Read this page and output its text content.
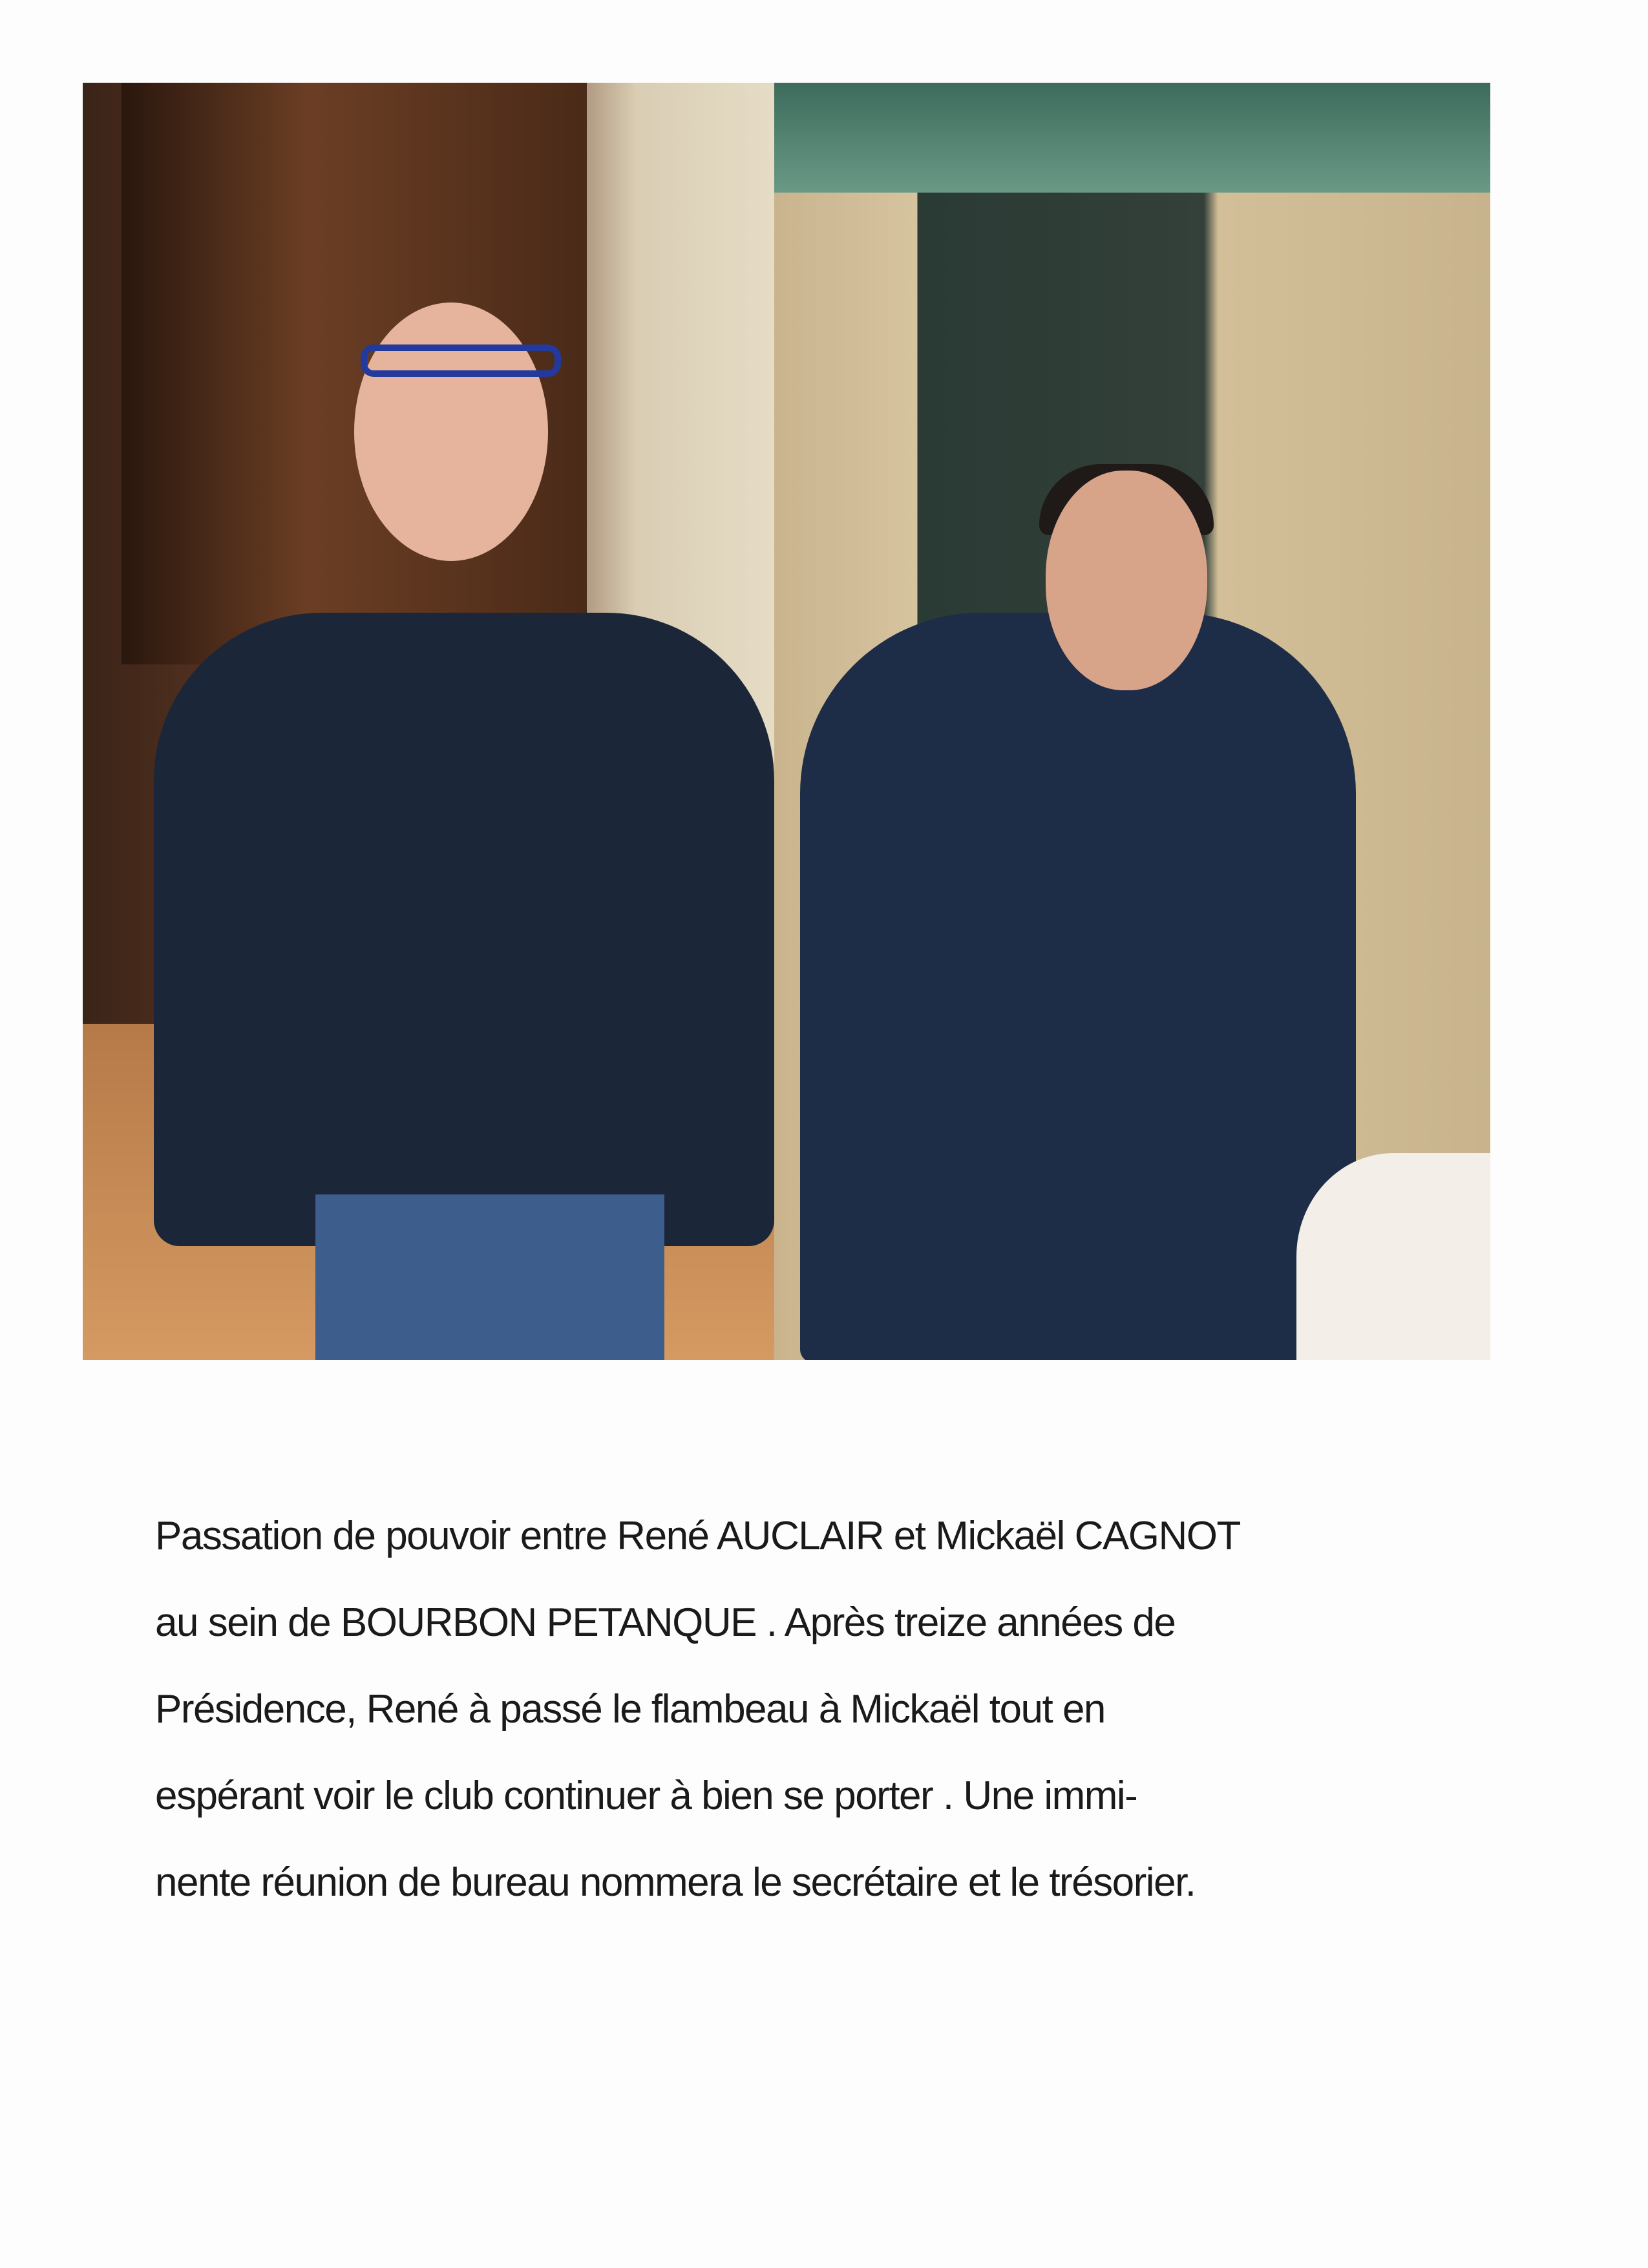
Passation de pouvoir entre René AUCLAIR et Mickaël CAGNOT
au sein de BOURBON PETANQUE . Après treize années de
Présidence, René à passé le flambeau à Mickaël tout en
espérant voir le club continuer à bien se porter . Une immi-
nente réunion de bureau nommera le secrétaire et le trésorier.
